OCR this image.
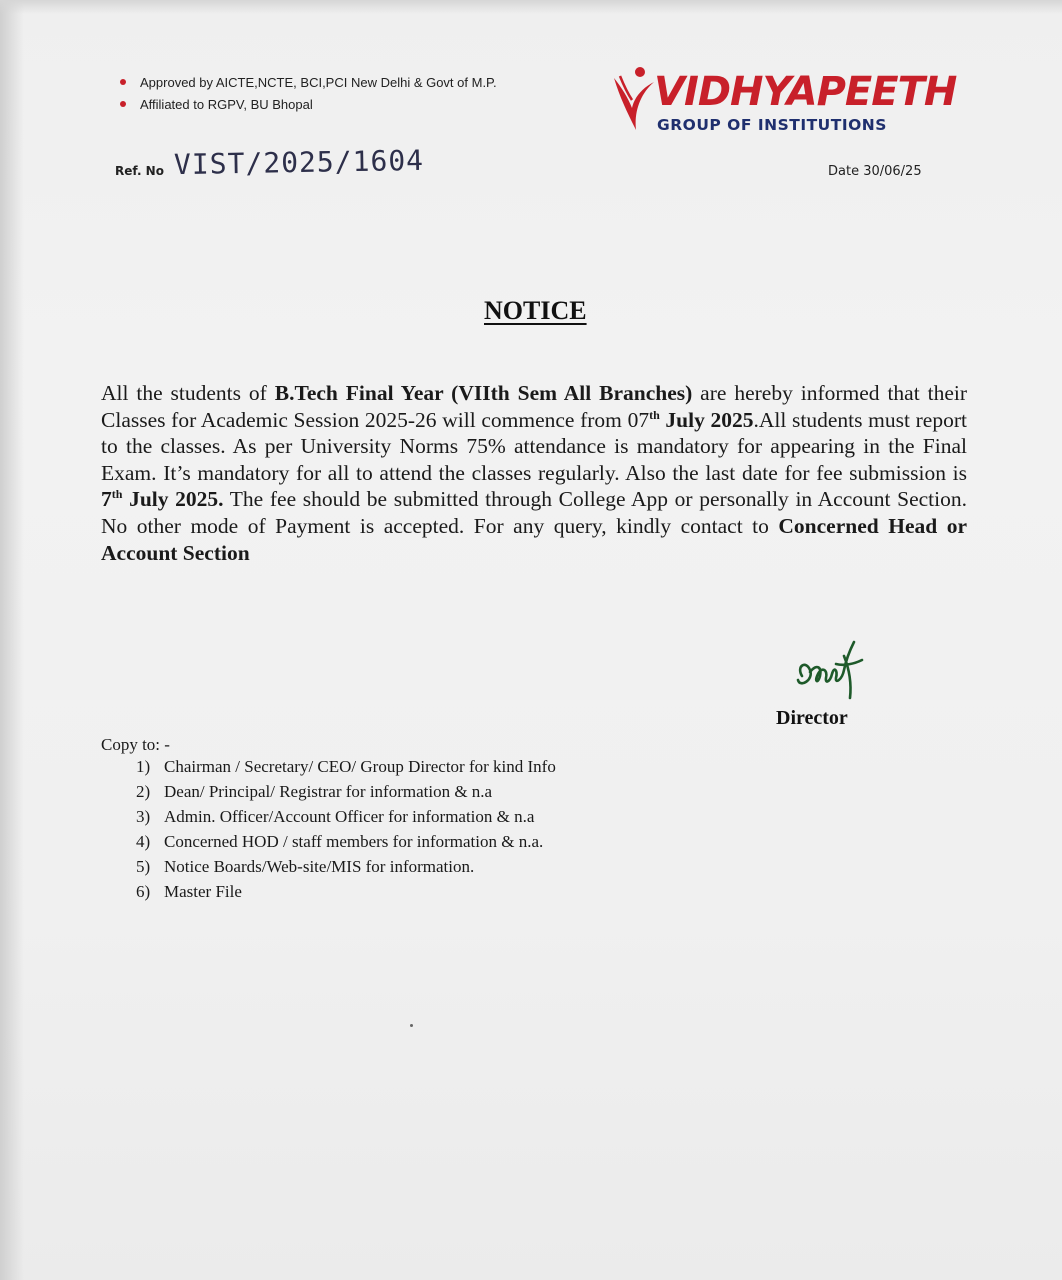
Approved by AICTE,NCTE, BCI,PCI New Delhi & Govt of M.P.
Affiliated to RGPV, BU Bhopal	VIDHYAPEETH
GROUP OF INSTITUTIONS
Ref. No VIST/2025/1604	Date 30/06/25
NOTICE

All the students of B.Tech Final Year (VIIth Sem All Branches) are hereby informed that their Classes for Academic Session 2025-26 will commence from 07th July 2025.All students must report to the classes. As per University Norms 75% attendance is mandatory for appearing in the Final Exam. It’s mandatory for all to attend the classes regularly. Also the last date for fee submission is 7th July 2025. The fee should be submitted through College App or personally in Account Section. No other mode of Payment is accepted. For any query, kindly contact to Concerned Head or Account Section

Director
Copy to: -
1) Chairman / Secretary/ CEO/ Group Director for kind Info
2) Dean/ Principal/ Registrar for information & n.a
3) Admin. Officer/Account Officer for information & n.a
4) Concerned HOD / staff members for information & n.a.
5) Notice Boards/Web-site/MIS for information.
6) Master File
